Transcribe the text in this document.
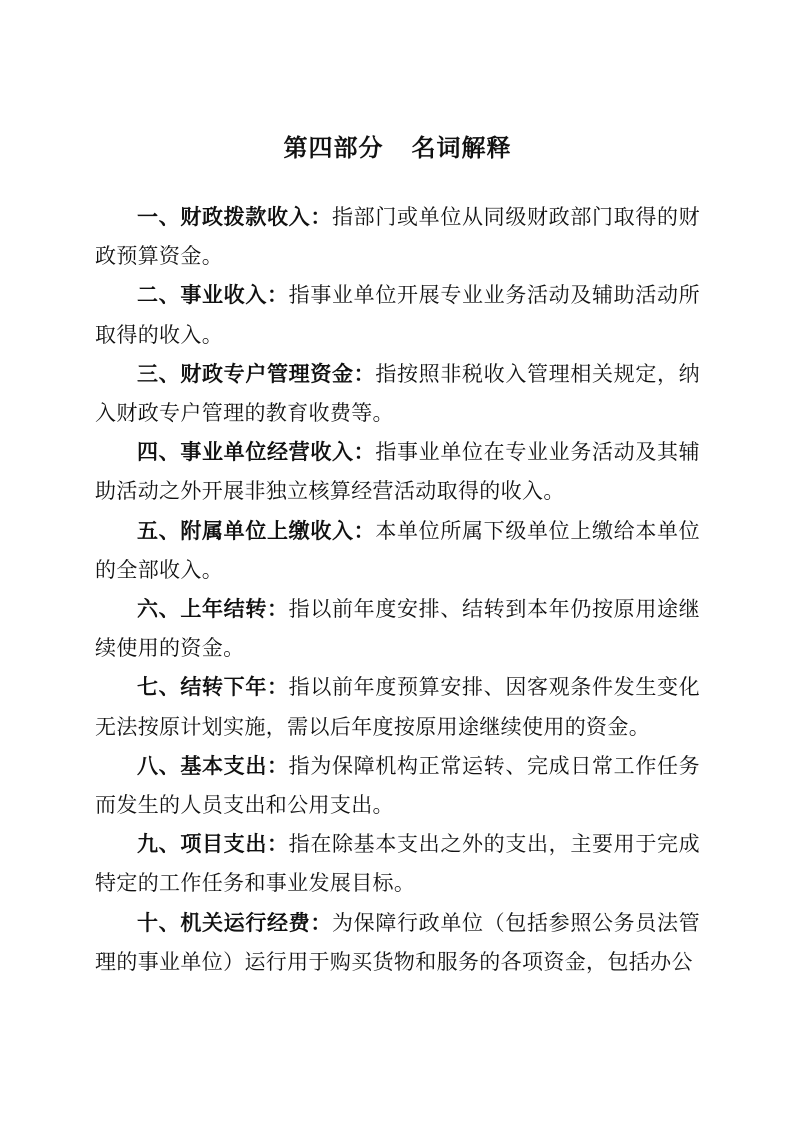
第四部分 名词解释

一、财政拨款收入：指部门或单位从同级财政部门取得的财政预算资金。

二、事业收入：指事业单位开展专业业务活动及辅助活动所取得的收入。

三、财政专户管理资金：指按照非税收入管理相关规定，纳入财政专户管理的教育收费等。

四、事业单位经营收入：指事业单位在专业业务活动及其辅助活动之外开展非独立核算经营活动取得的收入。

五、附属单位上缴收入：本单位所属下级单位上缴给本单位的全部收入。

六、上年结转：指以前年度安排、结转到本年仍按原用途继续使用的资金。

七、结转下年：指以前年度预算安排、因客观条件发生变化无法按原计划实施，需以后年度按原用途继续使用的资金。

八、基本支出：指为保障机构正常运转、完成日常工作任务而发生的人员支出和公用支出。

九、项目支出：指在除基本支出之外的支出，主要用于完成特定的工作任务和事业发展目标。

十、机关运行经费：为保障行政单位（包括参照公务员法管理的事业单位）运行用于购买货物和服务的各项资金，包括办公
